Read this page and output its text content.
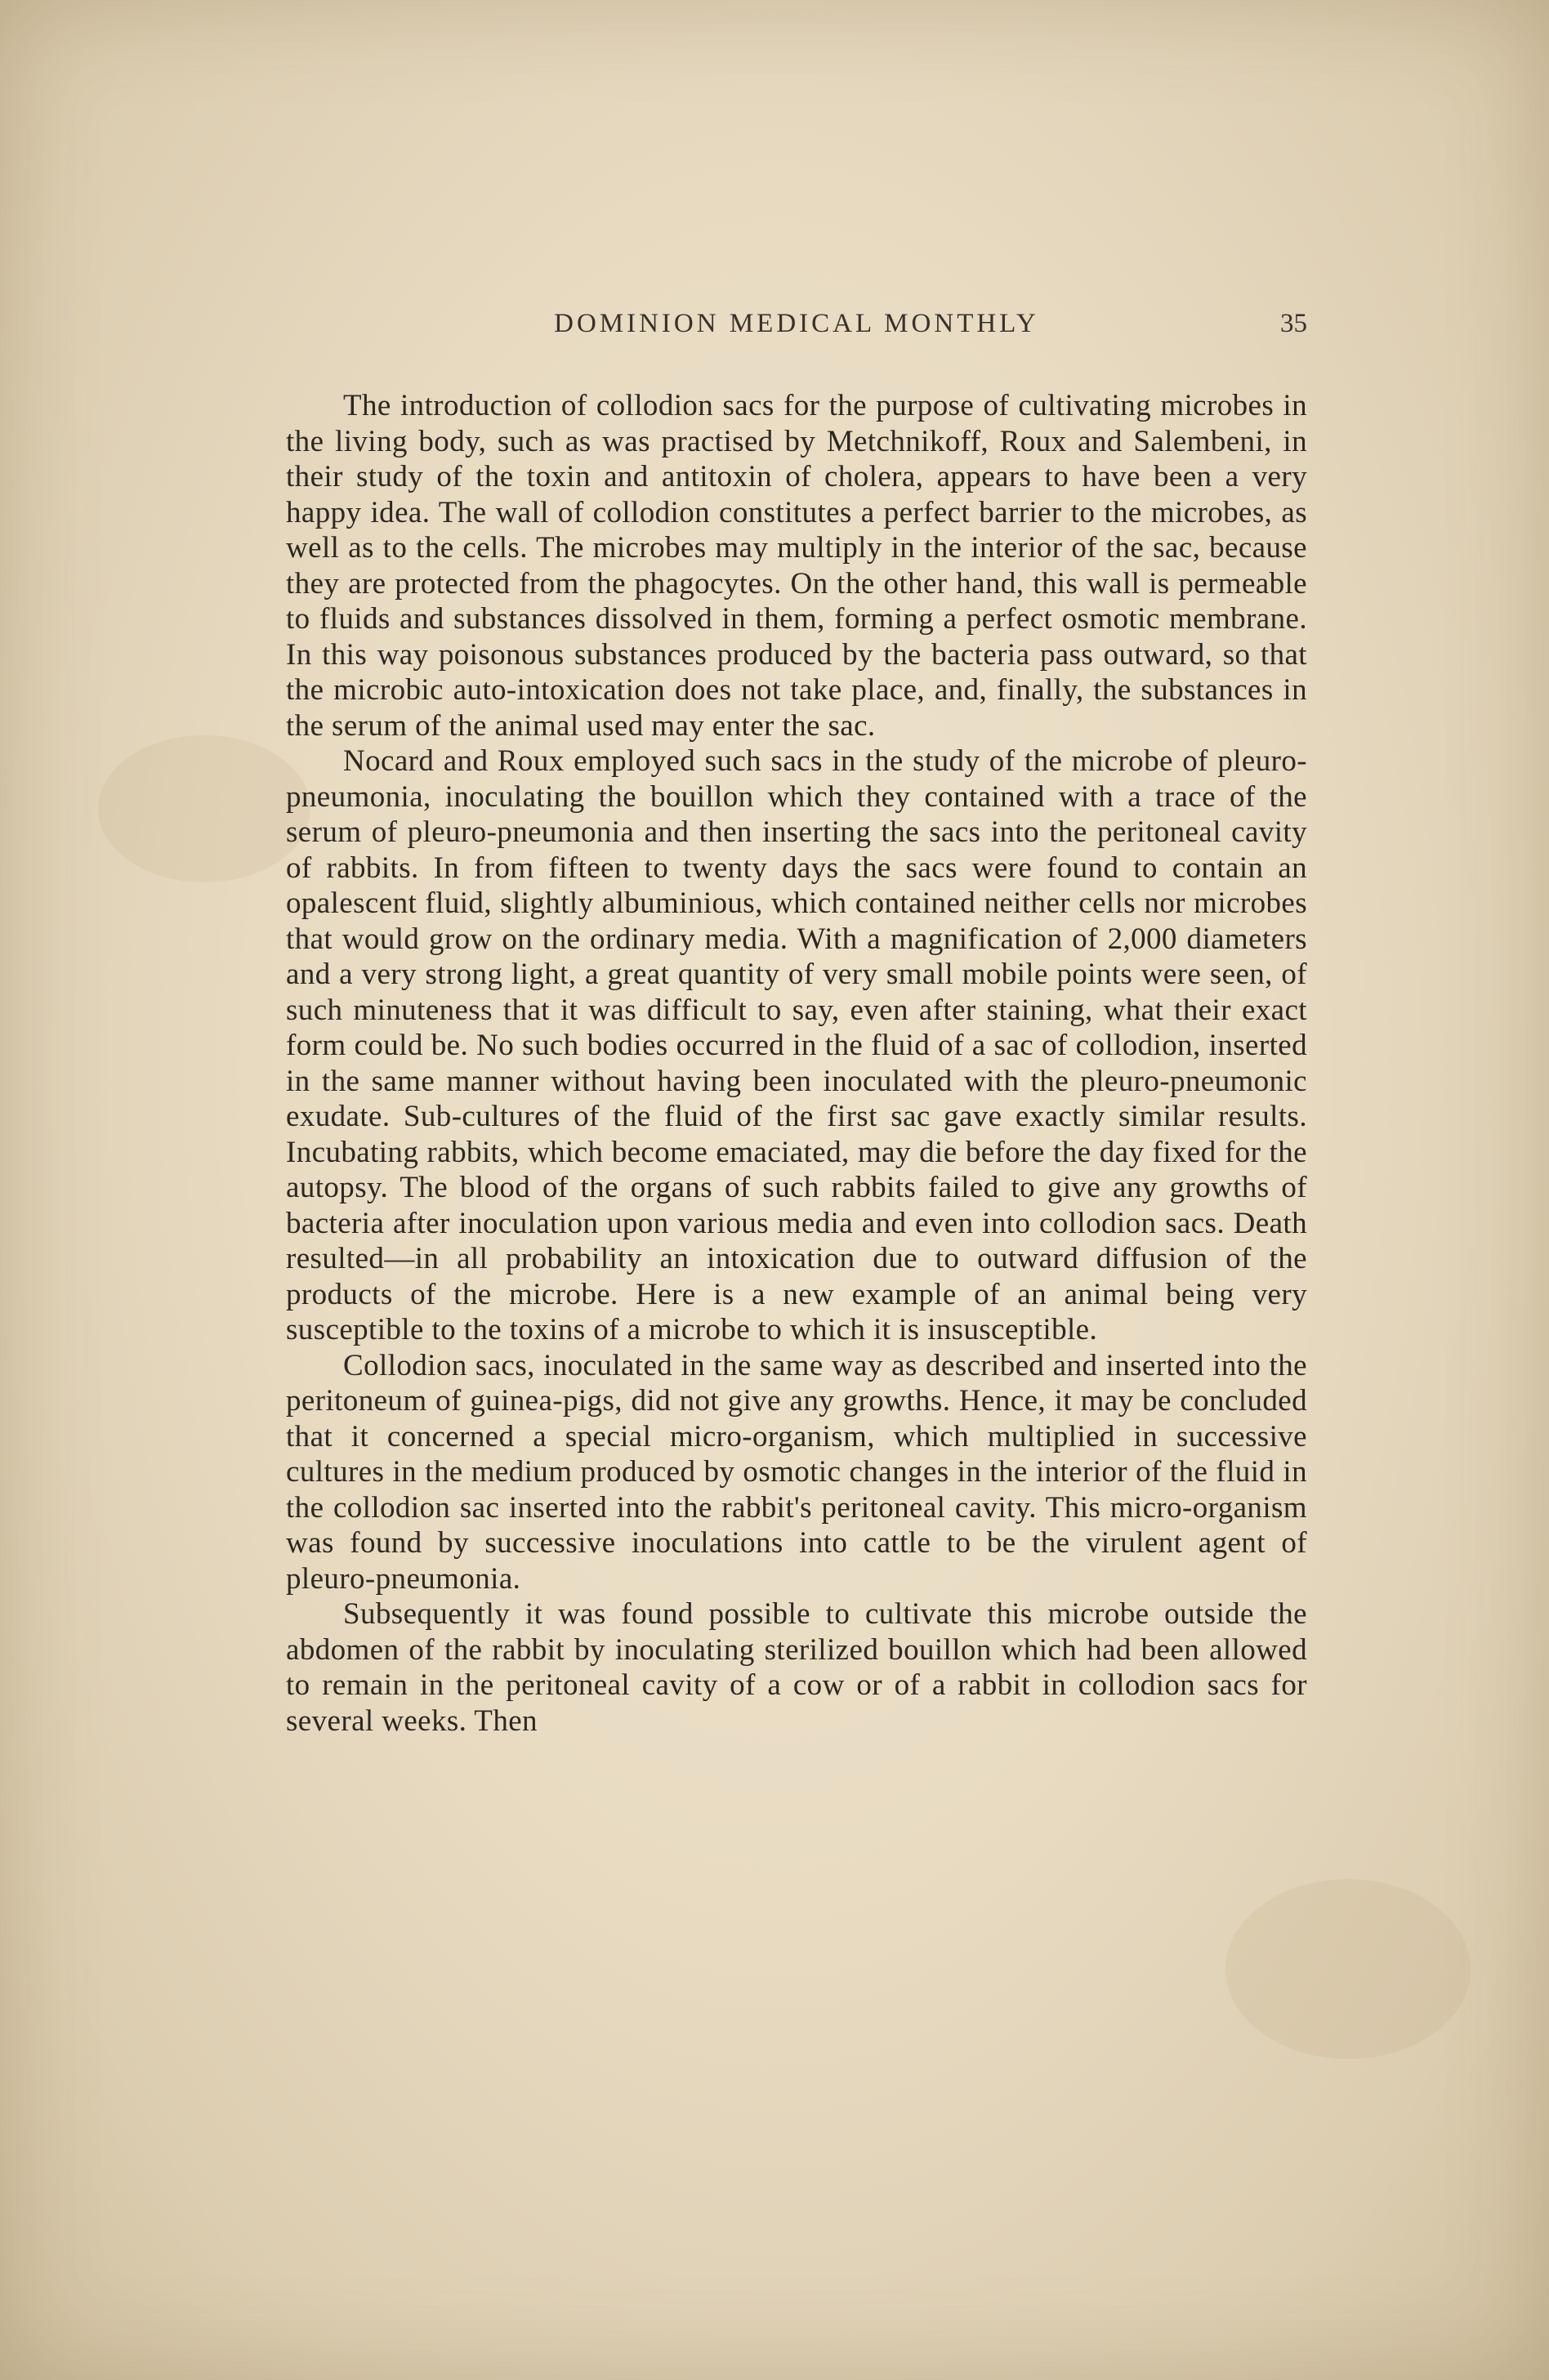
DOMINION MEDICAL MONTHLY	35

The introduction of collodion sacs for the purpose of cultivating microbes in the living body, such as was practised by Metchnikoff, Roux and Salembeni, in their study of the toxin and antitoxin of cholera, appears to have been a very happy idea. The wall of collodion constitutes a perfect barrier to the microbes, as well as to the cells. The microbes may multiply in the interior of the sac, because they are protected from the phagocytes. On the other hand, this wall is permeable to fluids and substances dissolved in them, forming a perfect osmotic membrane. In this way poisonous substances produced by the bacteria pass outward, so that the microbic auto-intoxication does not take place, and, finally, the substances in the serum of the animal used may enter the sac.

Nocard and Roux employed such sacs in the study of the microbe of pleuro-pneumonia, inoculating the bouillon which they contained with a trace of the serum of pleuro-pneumonia and then inserting the sacs into the peritoneal cavity of rabbits. In from fifteen to twenty days the sacs were found to contain an opalescent fluid, slightly albuminious, which contained neither cells nor microbes that would grow on the ordinary media. With a magnification of 2,000 diameters and a very strong light, a great quantity of very small mobile points were seen, of such minuteness that it was difficult to say, even after staining, what their exact form could be. No such bodies occurred in the fluid of a sac of collodion, inserted in the same manner without having been inoculated with the pleuro-pneumonic exudate. Sub-cultures of the fluid of the first sac gave exactly similar results. Incubating rabbits, which become emaciated, may die before the day fixed for the autopsy. The blood of the organs of such rabbits failed to give any growths of bacteria after inoculation upon various media and even into collodion sacs. Death resulted—in all probability an intoxication due to outward diffusion of the products of the microbe. Here is a new example of an animal being very susceptible to the toxins of a microbe to which it is insusceptible.

Collodion sacs, inoculated in the same way as described and inserted into the peritoneum of guinea-pigs, did not give any growths. Hence, it may be concluded that it concerned a special micro-organism, which multiplied in successive cultures in the medium produced by osmotic changes in the interior of the fluid in the collodion sac inserted into the rabbit's peritoneal cavity. This micro-organism was found by successive inoculations into cattle to be the virulent agent of pleuro-pneumonia.

Subsequently it was found possible to cultivate this microbe outside the abdomen of the rabbit by inoculating sterilized bouillon which had been allowed to remain in the peritoneal cavity of a cow or of a rabbit in collodion sacs for several weeks. Then
